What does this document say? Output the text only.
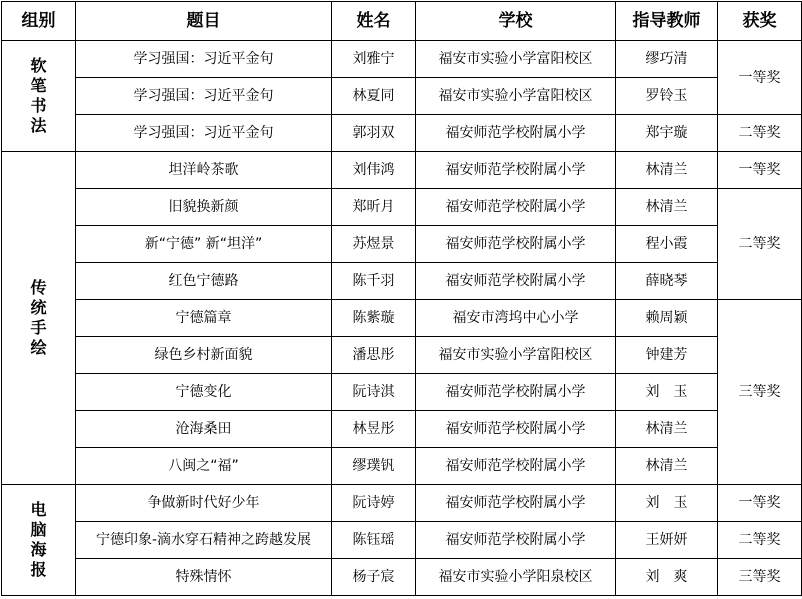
组别	题目	姓名	学校	指导教师	获奖
软笔书法	学习强国：习近平金句	刘雅宁	福安市实验小学富阳校区	缪巧清	一等奖
	学习强国：习近平金句	林夏同	福安市实验小学富阳校区	罗铃玉	
	学习强国：习近平金句	郭羽双	福安师范学校附属小学	郑宇璇	二等奖
传统手绘	坦洋岭茶歌	刘伟鸿	福安师范学校附属小学	林清兰	一等奖
	旧貌换新颜	郑昕月	福安师范学校附属小学	林清兰	二等奖
	新“宁德” 新“坦洋”	苏煜景	福安师范学校附属小学	程小霞	
	红色宁德路	陈千羽	福安师范学校附属小学	薛晓琴	
	宁德篇章	陈紫璇	福安市湾坞中心小学	赖周颖	三等奖
	绿色乡村新面貌	潘思彤	福安市实验小学富阳校区	钟建芳	
	宁德变化	阮诗淇	福安师范学校附属小学	刘　玉	
	沧海桑田	林昱彤	福安师范学校附属小学	林清兰	
	八闽之“福”	缪璞钒	福安师范学校附属小学	林清兰	
电脑海报	争做新时代好少年	阮诗婷	福安师范学校附属小学	刘　玉	一等奖
	宁德印象-滴水穿石精神之跨越发展	陈钰瑶	福安师范学校附属小学	王妍妍	二等奖
	特殊情怀	杨子宸	福安市实验小学阳泉校区	刘　爽	三等奖
